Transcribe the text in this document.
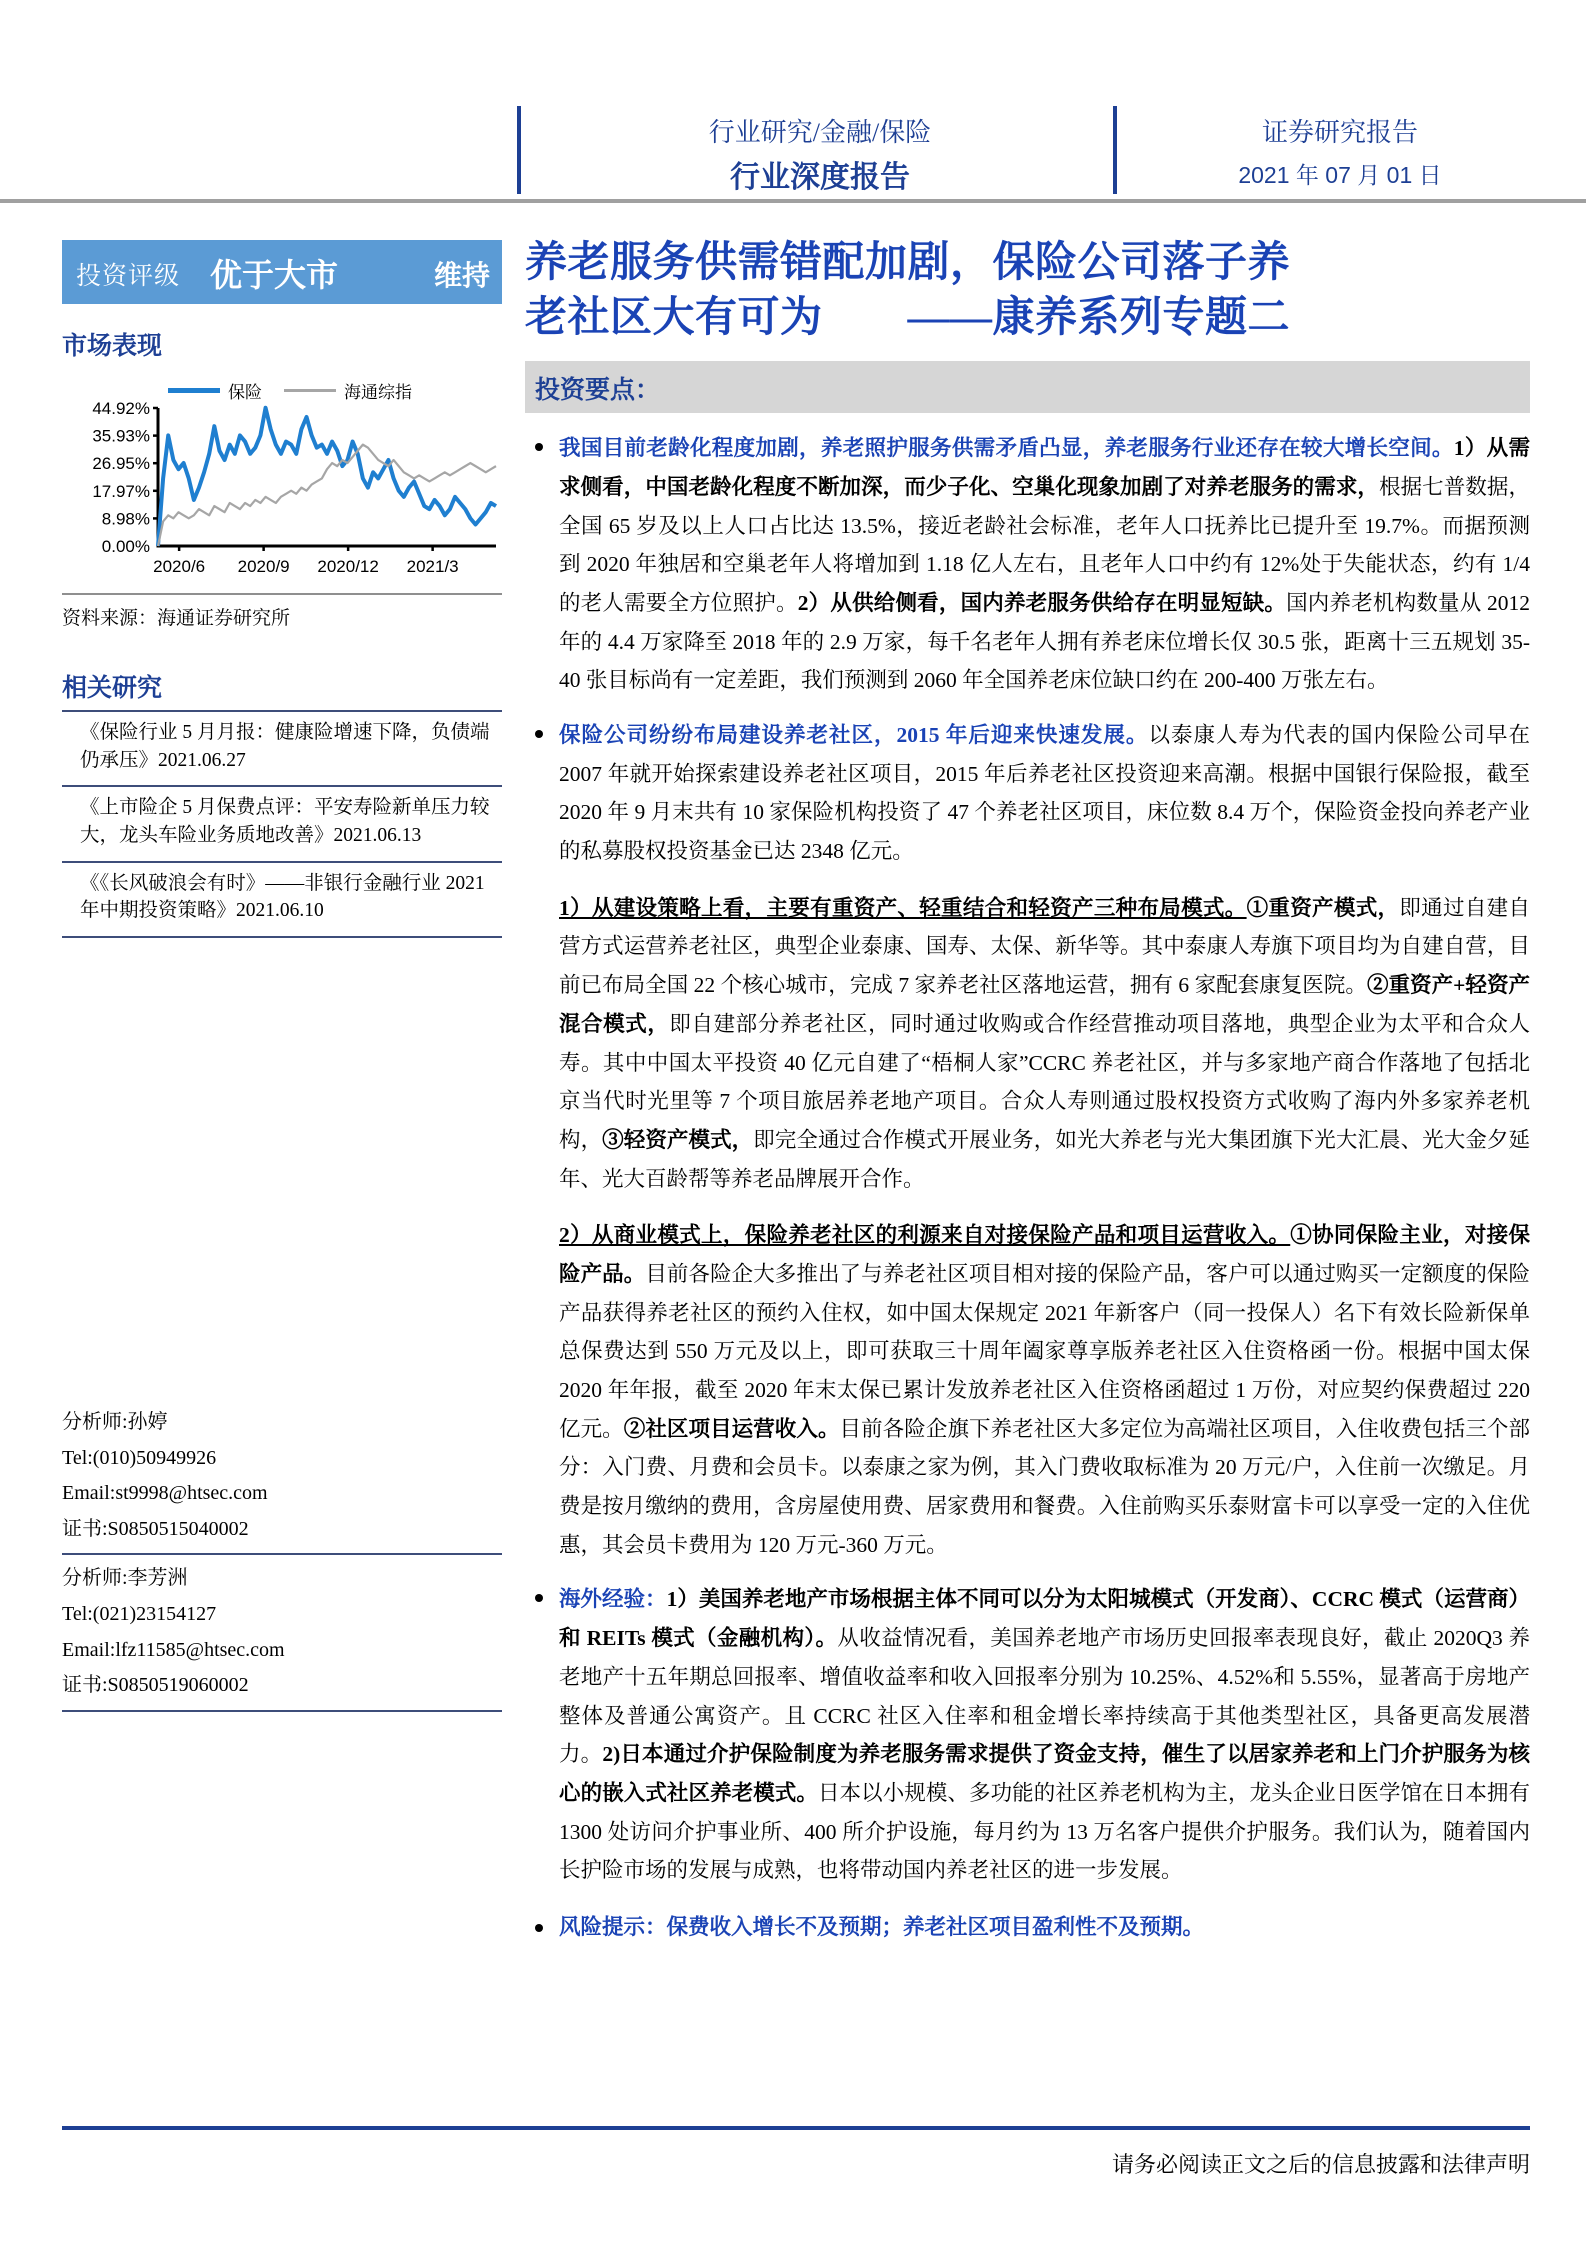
行业研究/金融/保险
行业深度报告
证券研究报告
2021 年 07 月 01 日
投资评级 优于大市	维持
市场表现
保险	海通综指
0.00%
8.98%
17.97%
26.95%
35.93%
44.92%
2020/6 2020/9 2020/12 2021/3
资料来源：海通证券研究所
相关研究
《保险行业 5 月月报：健康险增速下降，负债端仍承压》2021.06.27
《上市险企 5 月保费点评：平安寿险新单压力较大，龙头车险业务质地改善》2021.06.13
《《长风破浪会有时》——非银行金融行业 2021 年中期投资策略》2021.06.10
分析师:孙婷
Tel:(010)50949926
Email:st9998@htsec.com
证书:S0850515040002
分析师:李芳洲
Tel:(021)23154127
Email:lfz11585@htsec.com
证书:S0850519060002
养老服务供需错配加剧，保险公司落子养
老社区大有可为　　——康养系列专题二
投资要点：
我国目前老龄化程度加剧，养老照护服务供需矛盾凸显，养老服务行业还存在较大增长空间。1）从需求侧看，中国老龄化程度不断加深，而少子化、空巢化现象加剧了对养老服务的需求，根据七普数据，全国 65 岁及以上人口占比达 13.5%，接近老龄社会标准，老年人口抚养比已提升至 19.7%。而据预测到 2020 年独居和空巢老年人将增加到 1.18 亿人左右，且老年人口中约有 12%处于失能状态，约有 1/4 的老人需要全方位照护。2）从供给侧看，国内养老服务供给存在明显短缺。国内养老机构数量从 2012 年的 4.4 万家降至 2018 年的 2.9 万家，每千名老年人拥有养老床位增长仅 30.5 张，距离十三五规划 35-40 张目标尚有一定差距，我们预测到 2060 年全国养老床位缺口约在 200-400 万张左右。
保险公司纷纷布局建设养老社区，2015 年后迎来快速发展。以泰康人寿为代表的国内保险公司早在 2007 年就开始探索建设养老社区项目，2015 年后养老社区投资迎来高潮。根据中国银行保险报，截至 2020 年 9 月末共有 10 家保险机构投资了 47 个养老社区项目，床位数 8.4 万个，保险资金投向养老产业的私募股权投资基金已达 2348 亿元。
1）从建设策略上看，主要有重资产、轻重结合和轻资产三种布局模式。①重资产模式，即通过自建自营方式运营养老社区，典型企业泰康、国寿、太保、新华等。其中泰康人寿旗下项目均为自建自营，目前已布局全国 22 个核心城市，完成 7 家养老社区落地运营，拥有 6 家配套康复医院。②重资产+轻资产混合模式，即自建部分养老社区，同时通过收购或合作经营推动项目落地，典型企业为太平和合众人寿。其中中国太平投资 40 亿元自建了“梧桐人家”CCRC 养老社区，并与多家地产商合作落地了包括北京当代时光里等 7 个项目旅居养老地产项目。合众人寿则通过股权投资方式收购了海内外多家养老机构，③轻资产模式，即完全通过合作模式开展业务，如光大养老与光大集团旗下光大汇晨、光大金夕延年、光大百龄帮等养老品牌展开合作。
2）从商业模式上，保险养老社区的利源来自对接保险产品和项目运营收入。①协同保险主业，对接保险产品。目前各险企大多推出了与养老社区项目相对接的保险产品，客户可以通过购买一定额度的保险产品获得养老社区的预约入住权，如中国太保规定 2021 年新客户（同一投保人）名下有效长险新保单总保费达到 550 万元及以上，即可获取三十周年阖家尊享版养老社区入住资格函一份。根据中国太保 2020 年年报，截至 2020 年末太保已累计发放养老社区入住资格函超过 1 万份，对应契约保费超过 220 亿元。②社区项目运营收入。目前各险企旗下养老社区大多定位为高端社区项目，入住收费包括三个部分：入门费、月费和会员卡。以泰康之家为例，其入门费收取标准为 20 万元/户，入住前一次缴足。月费是按月缴纳的费用，含房屋使用费、居家费用和餐费。入住前购买乐泰财富卡可以享受一定的入住优惠，其会员卡费用为 120 万元-360 万元。
海外经验：1）美国养老地产市场根据主体不同可以分为太阳城模式（开发商）、CCRC 模式（运营商）和 REITs 模式（金融机构）。从收益情况看，美国养老地产市场历史回报率表现良好，截止 2020Q3 养老地产十五年期总回报率、增值收益率和收入回报率分别为 10.25%、4.52%和 5.55%，显著高于房地产整体及普通公寓资产。且 CCRC 社区入住率和租金增长率持续高于其他类型社区，具备更高发展潜力。2)日本通过介护保险制度为养老服务需求提供了资金支持，催生了以居家养老和上门介护服务为核心的嵌入式社区养老模式。日本以小规模、多功能的社区养老机构为主，龙头企业日医学馆在日本拥有 1300 处访问介护事业所、400 所介护设施，每月约为 13 万名客户提供介护服务。我们认为，随着国内长护险市场的发展与成熟，也将带动国内养老社区的进一步发展。
风险提示：保费收入增长不及预期；养老社区项目盈利性不及预期。
请务必阅读正文之后的信息披露和法律声明
